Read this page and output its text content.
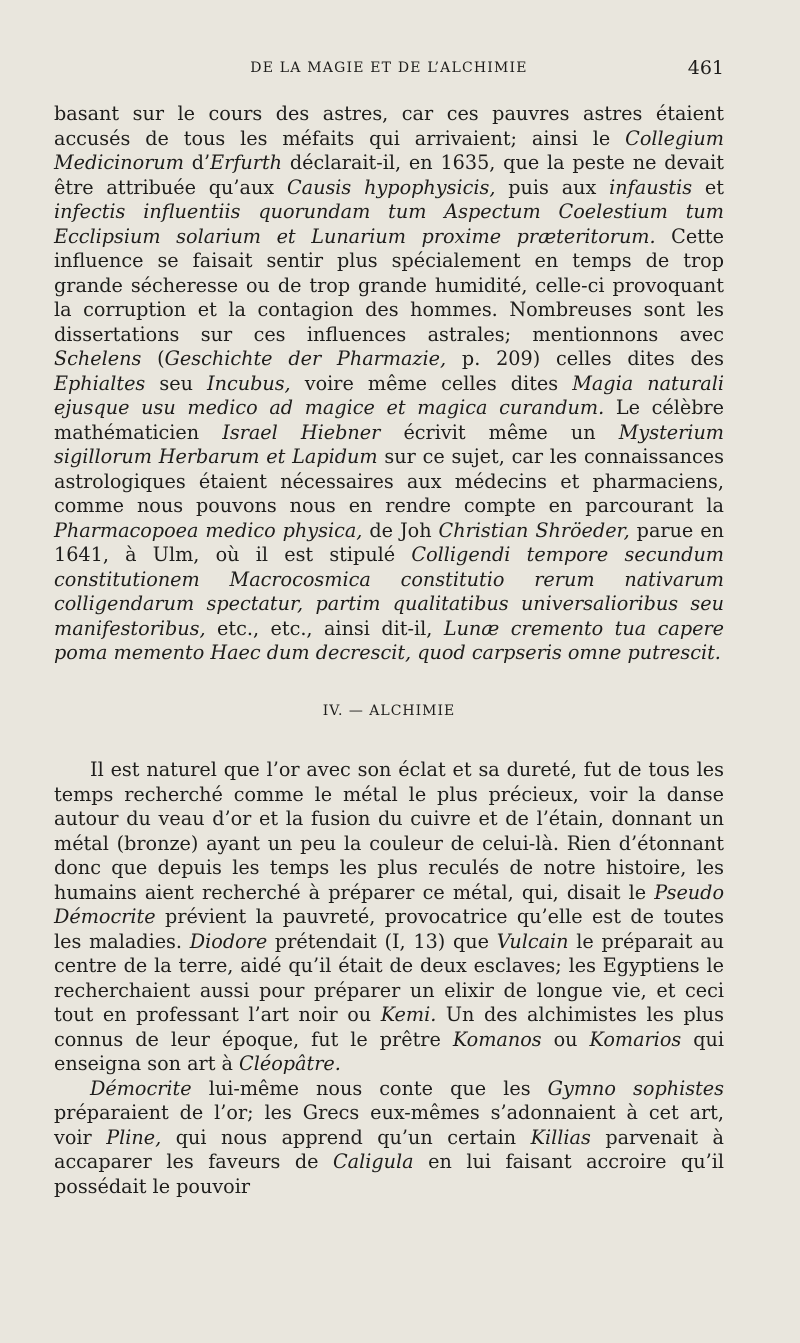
DE LA MAGIE ET DE L’ALCHIMIE	461

basant sur le cours des astres, car ces pauvres astres étaient accusés de tous les méfaits qui arrivaient; ainsi le Collegium Medicinorum d’Erfurth déclarait-il, en 1635, que la peste ne devait être attribuée qu’aux Causis hypophysicis, puis aux infaustis et infectis influentiis quorundam tum Aspectum Coelestium tum Ecclipsium solarium et Lunarium proxime præteritorum. Cette influence se faisait sentir plus spécialement en temps de trop grande sécheresse ou de trop grande humidité, celle-ci provoquant la corruption et la contagion des hommes. Nombreuses sont les dissertations sur ces influences astrales; mentionnons avec Schelens (Geschichte der Pharmazie, p. 209) celles dites des Ephialtes seu Incubus, voire même celles dites Magia naturali ejusque usu medico ad magice et magica curandum. Le célèbre mathématicien Israel Hiebner écrivit même un Mysterium sigillorum Herbarum et Lapidum sur ce sujet, car les connaissances astrologiques étaient nécessaires aux médecins et pharmaciens, comme nous pouvons nous en rendre compte en parcourant la Pharmacopoea medico physica, de Joh Christian Shröeder, parue en 1641, à Ulm, où il est stipulé Colligendi tempore secundum constitutionem Macrocosmica constitutio rerum nativarum colligendarum spectatur, partim qualitatibus universalioribus seu manifestoribus, etc., etc., ainsi dit-il, Lunæ cremento tua capere poma memento Haec dum decrescit, quod carpseris omne putrescit.

IV. — ALCHIMIE

Il est naturel que l’or avec son éclat et sa dureté, fut de tous les temps recherché comme le métal le plus précieux, voir la danse autour du veau d’or et la fusion du cuivre et de l’étain, donnant un métal (bronze) ayant un peu la couleur de celui-là. Rien d’étonnant donc que depuis les temps les plus reculés de notre histoire, les humains aient recherché à préparer ce métal, qui, disait le Pseudo Démocrite prévient la pauvreté, provocatrice qu’elle est de toutes les maladies. Diodore prétendait (I, 13) que Vulcain le préparait au centre de la terre, aidé qu’il était de deux esclaves; les Egyptiens le recherchaient aussi pour préparer un elixir de longue vie, et ceci tout en professant l’art noir ou Kemi. Un des alchimistes les plus connus de leur époque, fut le prêtre Komanos ou Komarios qui enseigna son art à Cléopâtre.

Démocrite lui-même nous conte que les Gymno sophistes préparaient de l’or; les Grecs eux-mêmes s’adonnaient à cet art, voir Pline, qui nous apprend qu’un certain Killias parvenait à accaparer les faveurs de Caligula en lui faisant accroire qu’il possédait le pouvoir
